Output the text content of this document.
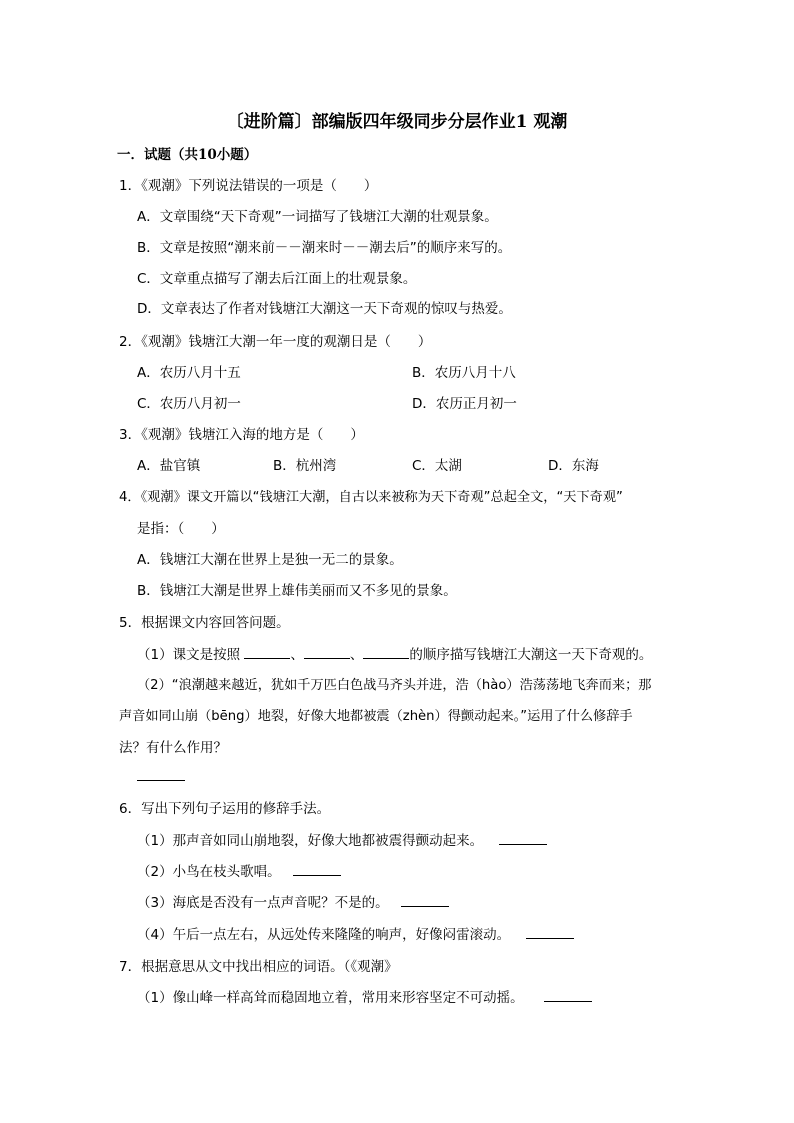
〔进阶篇〕部编版四年级同步分层作业1 观潮
一．试题（共10小题）
1．《观潮》下列说法错误的一项是（　　）
A．文章围绕“天下奇观”一词描写了钱塘江大潮的壮观景象。
B．文章是按照“潮来前－－潮来时－－潮去后”的顺序来写的。
C．文章重点描写了潮去后江面上的壮观景象。
D．文章表达了作者对钱塘江大潮这一天下奇观的惊叹与热爱。
2．《观潮》钱塘江大潮一年一度的观潮日是（　　）
A．农历八月十五	B．农历八月十八
C．农历八月初一	D．农历正月初一
3．《观潮》钱塘江入海的地方是（　　）
A．盐官镇	B．杭州湾	C．太湖	D．东海
4．《观潮》课文开篇以“钱塘江大潮，自古以来被称为天下奇观”总起全文，“天下奇观”
是指：（　　）
A．钱塘江大潮在世界上是独一无二的景象。
B．钱塘江大潮是世界上雄伟美丽而又不多见的景象。
5．根据课文内容回答问题。
（1）课文是按照	、	、	的顺序描写钱塘江大潮这一天下奇观的。
（2）“浪潮越来越近，犹如千万匹白色战马齐头并进，浩（hào）浩荡荡地飞奔而来；那
声音如同山崩（bēng）地裂，好像大地都被震（zhèn）得颤动起来。”运用了什么修辞手
法？有什么作用？
6．写出下列句子运用的修辞手法。
（1）那声音如同山崩地裂，好像大地都被震得颤动起来。
（2）小鸟在枝头歌唱。
（3）海底是否没有一点声音呢？不是的。
（4）午后一点左右，从远处传来隆隆的响声，好像闷雷滚动。
7．根据意思从文中找出相应的词语。（《观潮》
（1）像山峰一样高耸而稳固地立着，常用来形容坚定不可动摇。
